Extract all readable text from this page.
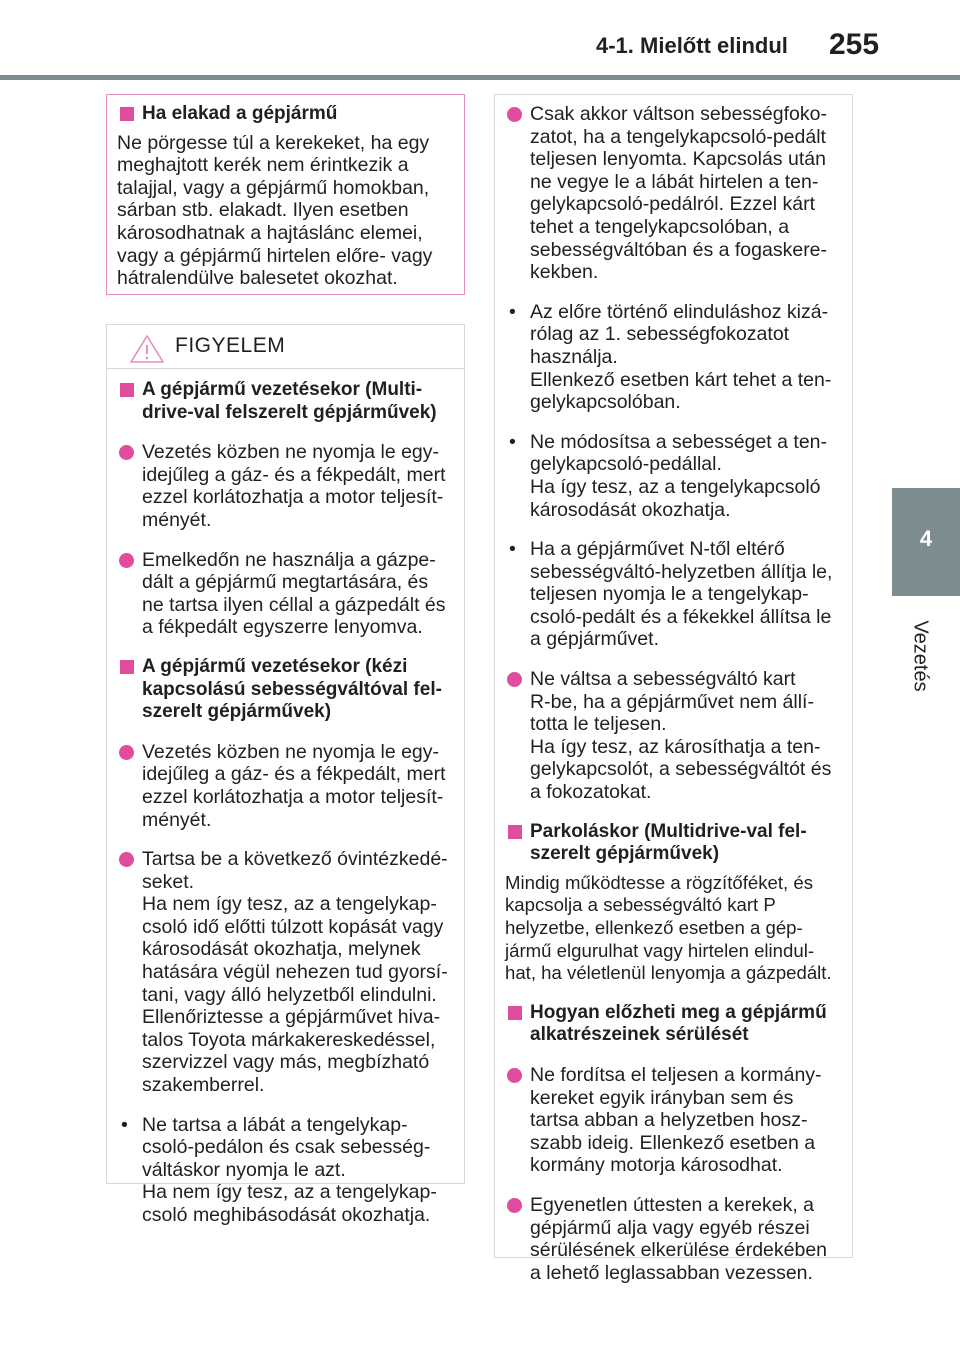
4-1. Mielőtt elindul 255
4
Vezetés
Ha elakad a gépjármű

Ne pörgesse túl a kerekeket, ha egy
meghajtott kerék nem érintkezik a
talajjal, vagy a gépjármű homokban,
sárban stb. elakadt. Ilyen esetben
károsodhatnak a hajtáslánc elemei,
vagy a gépjármű hirtelen előre- vagy
hátralendülve balesetet okozhat.

FIGYELEM
A gépjármű vezetésekor (Multi-
drive-val felszerelt gépjárművek)
Vezetés közben ne nyomja le egy-
idejűleg a gáz- és a fékpedált, mert
ezzel korlátozhatja a motor teljesít-
ményét.
Emelkedőn ne használja a gázpe-
dált a gépjármű megtartására, és
ne tartsa ilyen céllal a gázpedált és
a fékpedált egyszerre lenyomva.
A gépjármű vezetésekor (kézi
kapcsolású sebességváltóval fel-
szerelt gépjárművek)
Vezetés közben ne nyomja le egy-
idejűleg a gáz- és a fékpedált, mert
ezzel korlátozhatja a motor teljesít-
ményét.
Tartsa be a következő óvintézkedé-
seket.
Ha nem így tesz, az a tengelykap-
csoló idő előtti túlzott kopását vagy
károsodását okozhatja, melynek
hatására végül nehezen tud gyorsí-
tani, vagy álló helyzetből elindulni.
Ellenőriztesse a gépjárművet hiva-
talos Toyota márkakereskedéssel,
szervizzel vagy más, megbízható
szakemberrel.
• Ne tartsa a lábát a tengelykap-
csoló-pedálon és csak sebesség-
váltáskor nyomja le azt.
Ha nem így tesz, az a tengelykap-
csoló meghibásodását okozhatja.
Csak akkor váltson sebességfoko-
zatot, ha a tengelykapcsoló-pedált
teljesen lenyomta. Kapcsolás után
ne vegye le a lábát hirtelen a ten-
gelykapcsoló-pedálról. Ezzel kárt
tehet a tengelykapcsolóban, a
sebességváltóban és a fogaskere-
kekben.
• Az előre történő elinduláshoz kizá-
rólag az 1. sebességfokozatot
használja.
Ellenkező esetben kárt tehet a ten-
gelykapcsolóban.
• Ne módosítsa a sebességet a ten-
gelykapcsoló-pedállal.
Ha így tesz, az a tengelykapcsoló
károsodását okozhatja.
• Ha a gépjárművet N-től eltérő
sebességváltó-helyzetben állítja le,
teljesen nyomja le a tengelykap-
csoló-pedált és a fékekkel állítsa le
a gépjárművet.
Ne váltsa a sebességváltó kart
R-be, ha a gépjárművet nem állí-
totta le teljesen.
Ha így tesz, az károsíthatja a ten-
gelykapcsolót, a sebességváltót és
a fokozatokat.
Parkoláskor (Multidrive-val fel-
szerelt gépjárművek)

Mindig működtesse a rögzítőféket, és
kapcsolja a sebességváltó kart P
helyzetbe, ellenkező esetben a gép-
jármű elgurulhat vagy hirtelen elindul-
hat, ha véletlenül lenyomja a gázpedált.

Hogyan előzheti meg a gépjármű
alkatrészeinek sérülését
Ne fordítsa el teljesen a kormány-
kereket egyik irányban sem és
tartsa abban a helyzetben hosz-
szabb ideig. Ellenkező esetben a
kormány motorja károsodhat.
Egyenetlen úttesten a kerekek, a
gépjármű alja vagy egyéb részei
sérülésének elkerülése érdekében
a lehető leglassabban vezessen.
